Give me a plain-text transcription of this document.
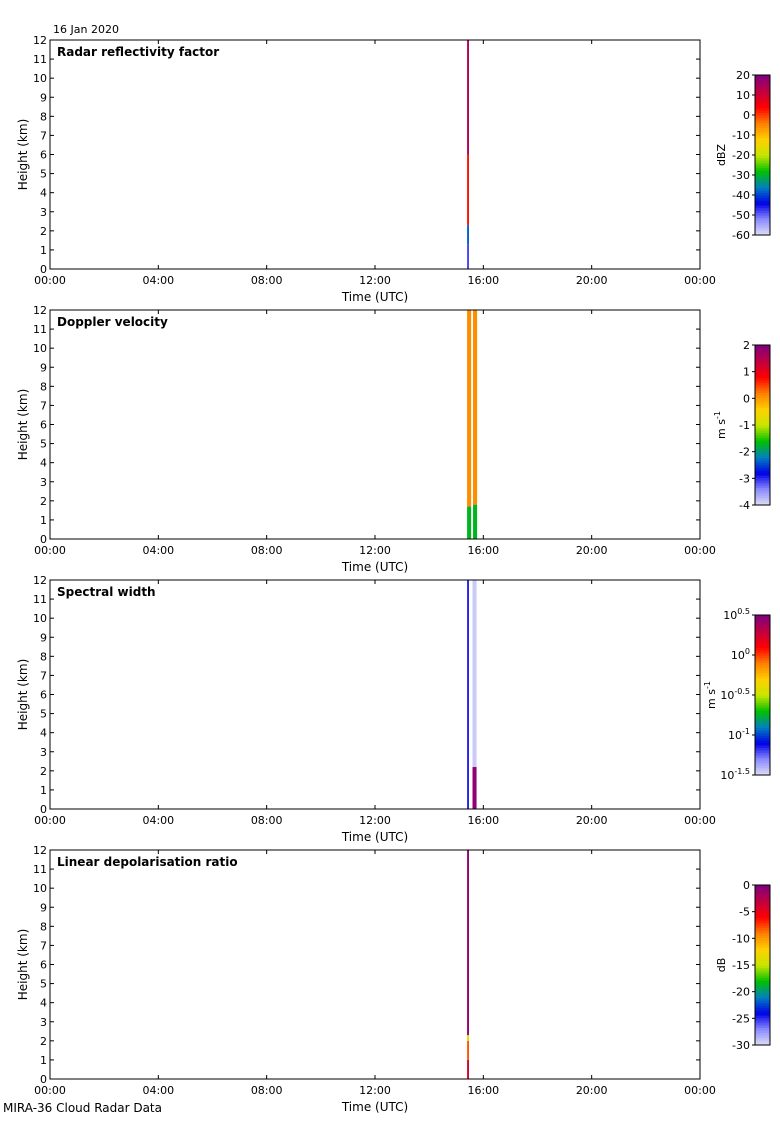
16 Jan 2020
MIRA-36 Cloud Radar Data
0
1
2
3
4
5
6
7
8
9
10
11
12
00:00	04:00	08:00	12:00	16:00	20:00	00:00
Time (UTC)
Height (km)
Radar reflectivity factor
20
10
0
-10
-20
-30
-40
-50
-60
dBZ
0
1
2
3
4
5
6
7
8
9
10
11
12
00:00	04:00	08:00	12:00	16:00	20:00	00:00
Time (UTC)
Height (km)
Doppler velocity
2
1
0
-1
-2
-3
-4
m $s^{-1}$
0
1
2
3
4
5
6
7
8
9
10
11
12
00:00	04:00	08:00	12:00	16:00	20:00	00:00
Time (UTC)
Height (km)
Spectral width
$10^{0.5}$
$10^0$
$10^{-0.5}$
$10^{-1}$
$10^{-1.5}$
m $s^{-1}$
0
1
2
3
4
5
6
7
8
9
10
11
12
00:00	04:00	08:00	12:00	16:00	20:00	00:00
Time (UTC)
Height (km)
Linear depolarisation ratio
0
-5
-10
-15
-20
-25
-30
dB
